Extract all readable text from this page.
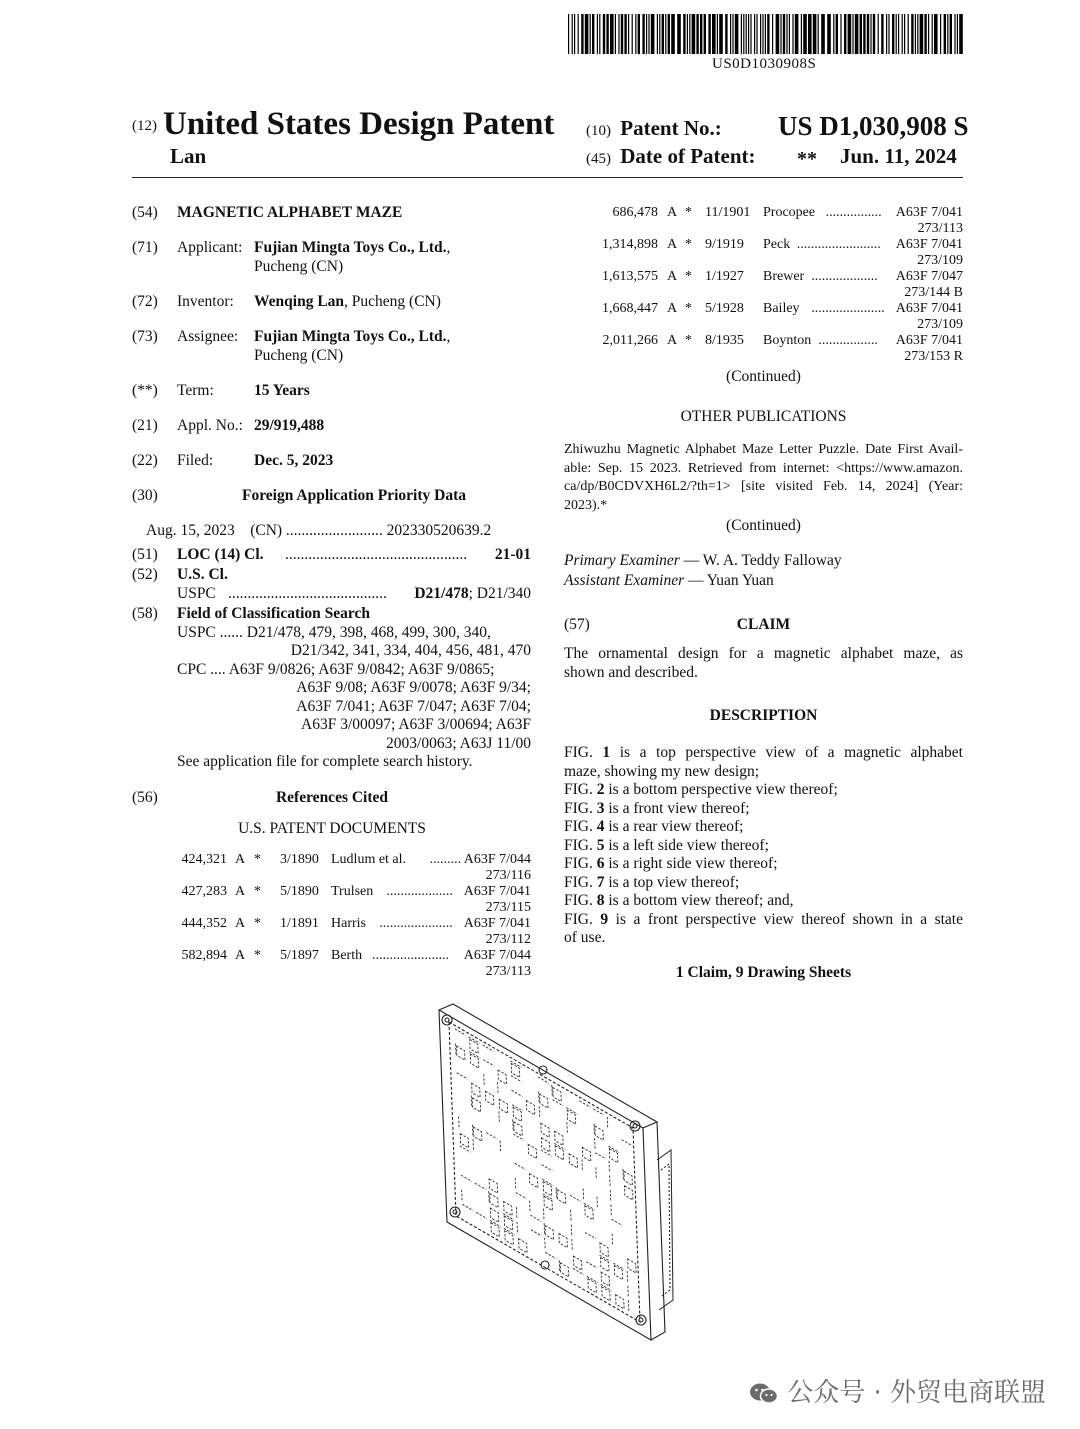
US0D1030908S
(12) United States Design Patent
Lan
(10) Patent No.: US D1,030,908 S
(45) Date of Patent: ** Jun. 11, 2024
(54) MAGNETIC ALPHABET MAZE
(71) Applicant: Fujian Mingta Toys Co., Ltd.,
Pucheng (CN)
(72) Inventor: Wenqing Lan, Pucheng (CN)
(73) Assignee: Fujian Mingta Toys Co., Ltd.,
Pucheng (CN)
(**) Term:	15 Years
(21) Appl. No.: 29/919,488
(22) Filed:	Dec. 5, 2023
(30)	Foreign Application Priority Data
Aug. 15, 2023    (CN) ......................... 202330520639.2
(51) LOC (14) Cl. ............................................... 21-01
(52) U.S. Cl.
USPC ......................................... D21/478; D21/340
(58) Field of Classification Search
USPC ...... D21/478, 479, 398, 468, 499, 300, 340,
D21/342, 341, 334, 404, 456, 481, 470
CPC .... A63F 9/0826; A63F 9/0842; A63F 9/0865;
A63F 9/08; A63F 9/0078; A63F 9/34;
A63F 7/041; A63F 7/047; A63F 7/04;
A63F 3/00097; A63F 3/00694; A63F
2003/0063; A63J 11/00
See application file for complete search history.
(56)	References Cited
U.S. PATENT DOCUMENTS
424,321 A * 3/1890 Ludlum et al. ......... A63F 7/044
273/116
427,283 A * 5/1890 Trulsen ................... A63F 7/041
273/115
444,352 A * 1/1891 Harris ..................... A63F 7/041
273/112
582,894 A * 5/1897 Berth ...................... A63F 7/044
273/113
686,478 A * 11/1901 Procopee ................ A63F 7/041
273/113
1,314,898 A * 9/1919 Peck ........................ A63F 7/041
273/109
1,613,575 A * 1/1927 Brewer ................... A63F 7/047
273/144 B
1,668,447 A * 5/1928 Bailey ..................... A63F 7/041
273/109
2,011,266 A * 8/1935 Boynton ................. A63F 7/041
273/153 R
(Continued)
OTHER PUBLICATIONS
Zhiwuzhu Magnetic Alphabet Maze Letter Puzzle. Date First Avail-
able: Sep. 15 2023. Retrieved from internet: <https://www.amazon.
ca/dp/B0CDVXH6L2/?th=1> [site visited Feb. 14, 2024] (Year:
2023).*
(Continued)
Primary Examiner — W. A. Teddy Falloway
Assistant Examiner — Yuan Yuan
(57)	CLAIM
The ornamental design for a magnetic alphabet maze, as
shown and described.
DESCRIPTION
FIG. 1 is a top perspective view of a magnetic alphabet
maze, showing my new design;
FIG. 2 is a bottom perspective view thereof;
FIG. 3 is a front view thereof;
FIG. 4 is a rear view thereof;
FIG. 5 is a left side view thereof;
FIG. 6 is a right side view thereof;
FIG. 7 is a top view thereof;
FIG. 8 is a bottom view thereof; and,
FIG. 9 is a front perspective view thereof shown in a state
of use.
1 Claim, 9 Drawing Sheets
公众号 · 外贸电商联盟
